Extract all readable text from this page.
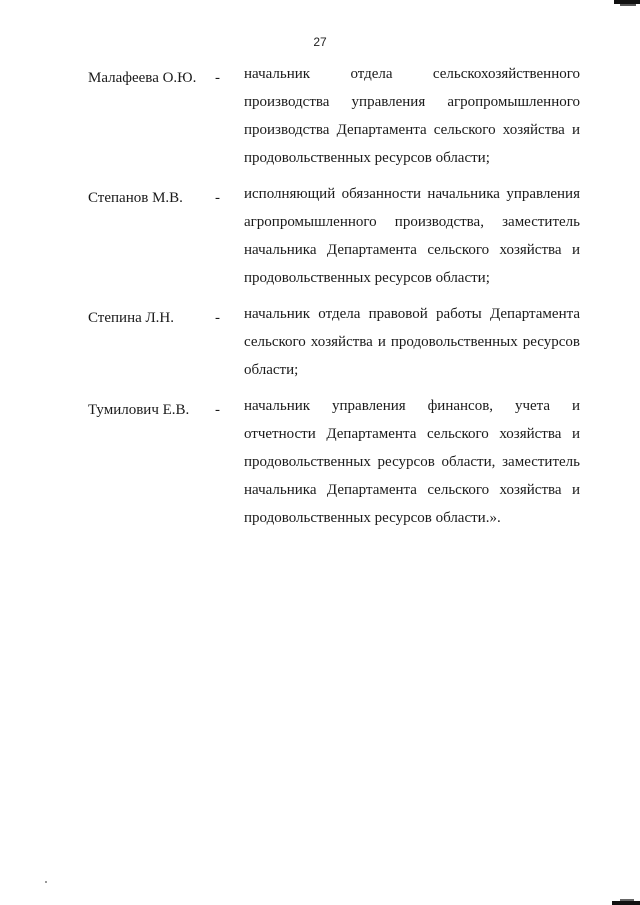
27
Малафеева О.Ю. - начальник отдела сельскохозяйственного производства управления агропромышленного производства Департамента сельского хозяйства и продовольственных ресурсов области;
Степанов М.В. - исполняющий обязанности начальника управления агропромышленного производства, заместитель начальника Департамента сельского хозяйства и продовольственных ресурсов области;
Степина Л.Н.	- начальник отдела правовой работы Департамента сельского хозяйства и продовольственных ресурсов области;
Тумилович Е.В. - начальник управления финансов, учета и отчетности Департамента сельского хозяйства и продовольственных ресурсов области, заместитель начальника Департамента сельского хозяйства и продовольственных ресурсов области.».
